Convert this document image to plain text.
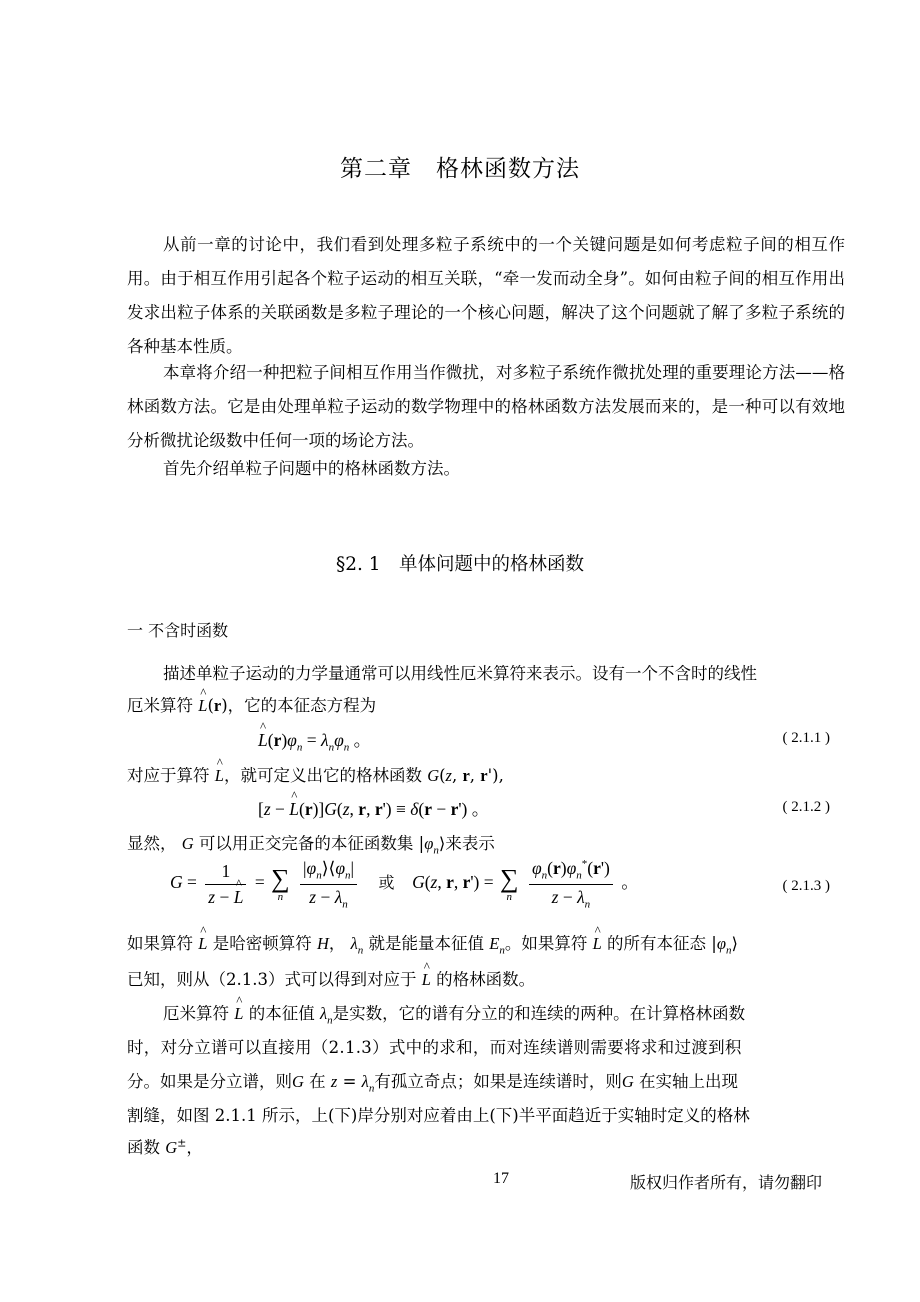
第二章　格林函数方法

从前一章的讨论中，我们看到处理多粒子系统中的一个关键问题是如何考虑粒子间的相互作用。由于相互作用引起各个粒子运动的相互关联，“牵一发而动全身”。如何由粒子间的相互作用出发求出粒子体系的关联函数是多粒子理论的一个核心问题，解决了这个问题就了解了多粒子系统的各种基本性质。

本章将介绍一种把粒子间相互作用当作微扰，对多粒子系统作微扰处理的重要理论方法——格林函数方法。它是由处理单粒子运动的数学物理中的格林函数方法发展而来的，是一种可以有效地分析微扰论级数中任何一项的场论方法。

首先介绍单粒子问题中的格林函数方法。

§2. 1　单体问题中的格林函数
一 不含时函数
描述单粒子运动的力学量通常可以用线性厄米算符来表示。设有一个不含时的线性
厄米算符 ^ L(r)，它的本征态方程为
^ $L(r)\varphi_n = \lambda_n\varphi_n$ 。	( 2.1.1 )
对应于算符 ^ L，就可定义出它的格林函数 G(z, r, r'),
[z − ^ L(r)]G(z, r, r') ≡ δ(r − r') 。	( 2.1.2 )
显然， G 可以用正交完备的本征函数集 $|\varphi_n⟩$来表示
$G = \frac{1}{z - \^{} L}$ = ∑
n
$\frac{|\varphi_n⟩⟨\varphi_n|}{z - \lambda_n}$ 或 G(z, r, r') = ∑
n
$\frac{\varphi_n(r)\varphi_n^*(r')}{z - \lambda_n}$ 。	( 2.1.3 )
如果算符 ^ L 是哈密顿算符 H， $\lambda_n$ 就是能量本征值 $E_n$。如果算符 ^ L 的所有本征态 $|\varphi_n⟩$
已知，则从（2.1.3）式可以得到对应于 ^ L 的格林函数。
厄米算符 ^ L 的本征值 $\lambda_n$是实数，它的谱有分立的和连续的两种。在计算格林函数
时，对分立谱可以直接用（2.1.3）式中的求和，而对连续谱则需要将求和过渡到积
分。如果是分立谱，则G 在 $z = \lambda_n$有孤立奇点；如果是连续谱时，则G 在实轴上出现
割缝，如图 2.1.1 所示，上(下)岸分别对应着由上(下)半平面趋近于实轴时定义的格林
函数 G±，
17	版权归作者所有，请勿翻印
